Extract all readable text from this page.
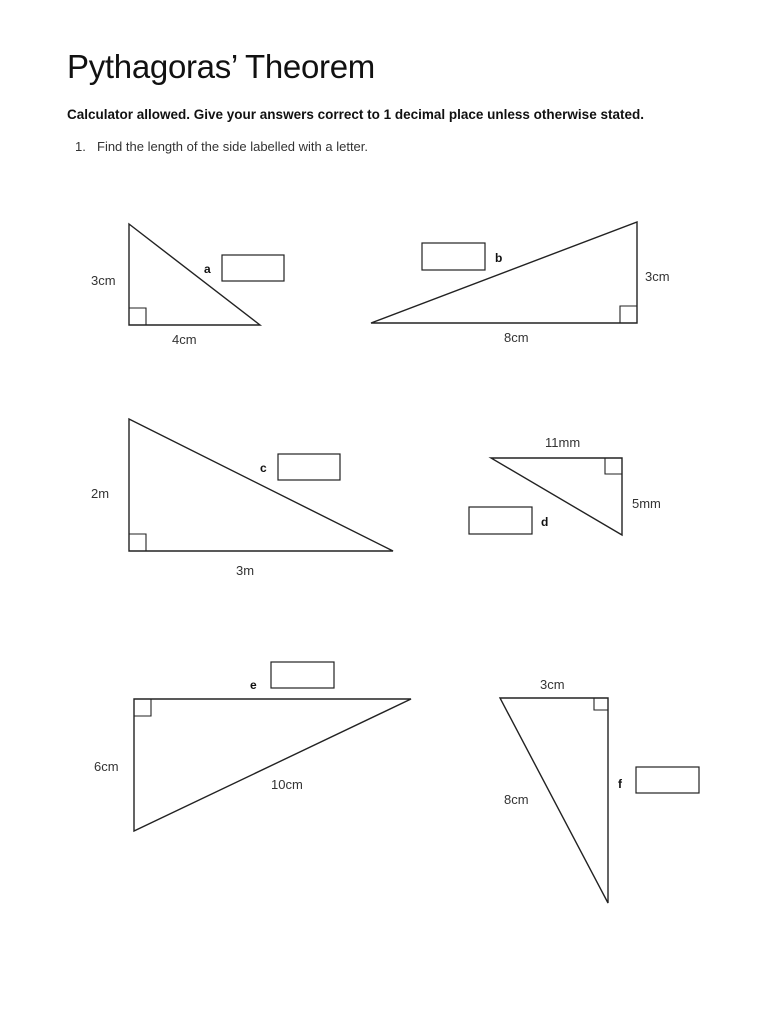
Pythagoras’ Theorem
Calculator allowed. Give your answers correct to 1 decimal place unless otherwise stated.
1. Find the length of the side labelled with a letter.
3cm
4cm
a	3cm
8cm
b
2m
3m
c
11mm
5mm
d
6cm
10cm
e	3cm
8cm
f
